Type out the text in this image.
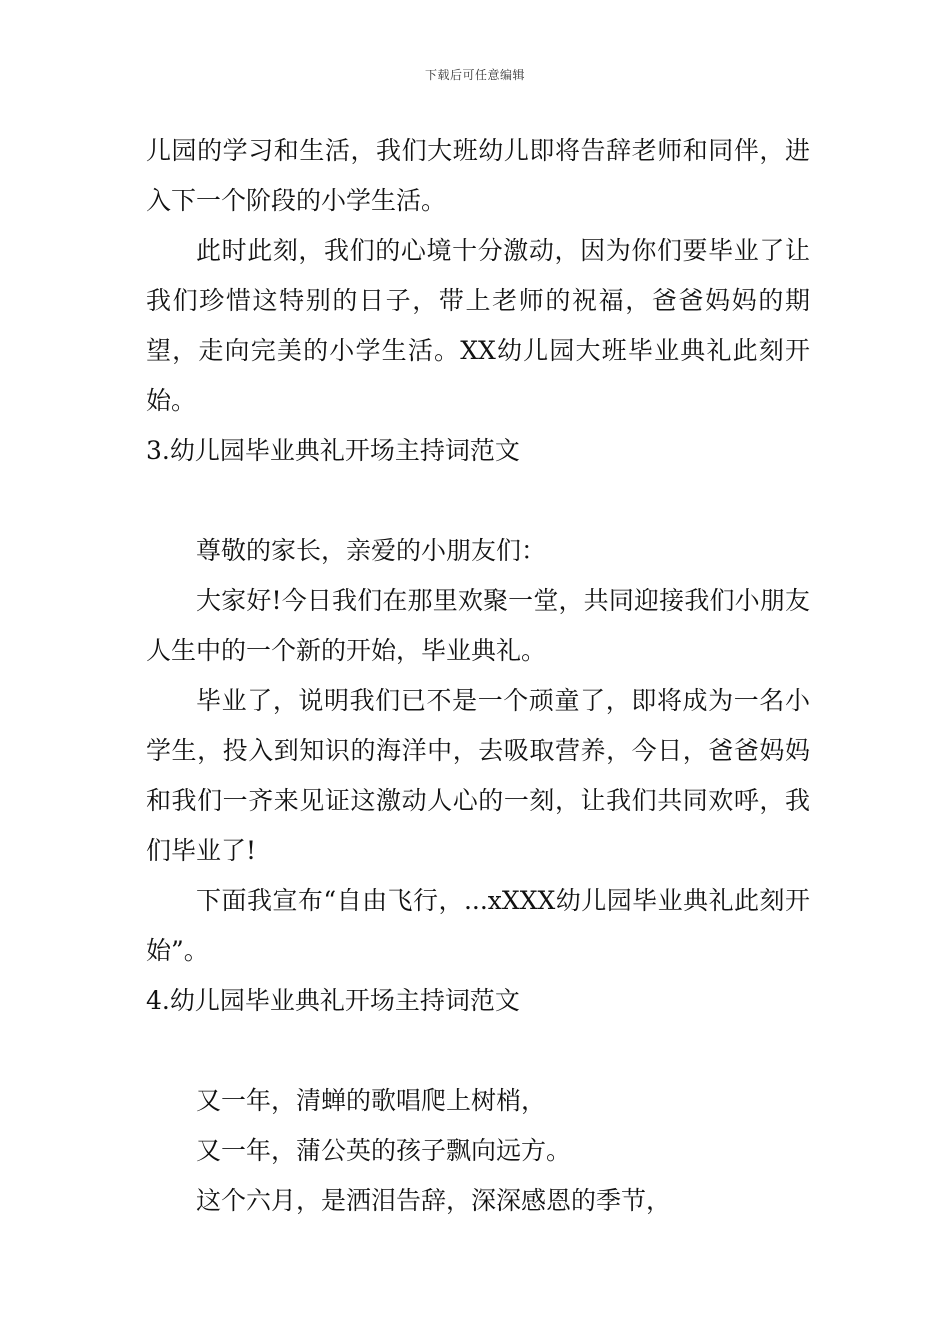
下载后可任意编辑

儿园的学习和生活，我们大班幼儿即将告辞老师和同伴，进入下一个阶段的小学生活。

此时此刻，我们的心境十分激动，因为你们要毕业了让我们珍惜这特别的日子，带上老师的祝福，爸爸妈妈的期望，走向完美的小学生活。XX幼儿园大班毕业典礼此刻开始。

3.幼儿园毕业典礼开场主持词范文

尊敬的家长，亲爱的小朋友们：

大家好!今日我们在那里欢聚一堂，共同迎接我们小朋友人生中的一个新的开始，毕业典礼。

毕业了，说明我们已不是一个顽童了，即将成为一名小学生，投入到知识的海洋中，去吸取营养，今日，爸爸妈妈和我们一齐来见证这激动人心的一刻，让我们共同欢呼，我们毕业了!

下面我宣布“自由飞行，...xXXX幼儿园毕业典礼此刻开始”。

4.幼儿园毕业典礼开场主持词范文

又一年，清蝉的歌唱爬上树梢，

又一年，蒲公英的孩子飘向远方。

这个六月，是洒泪告辞，深深感恩的季节，
